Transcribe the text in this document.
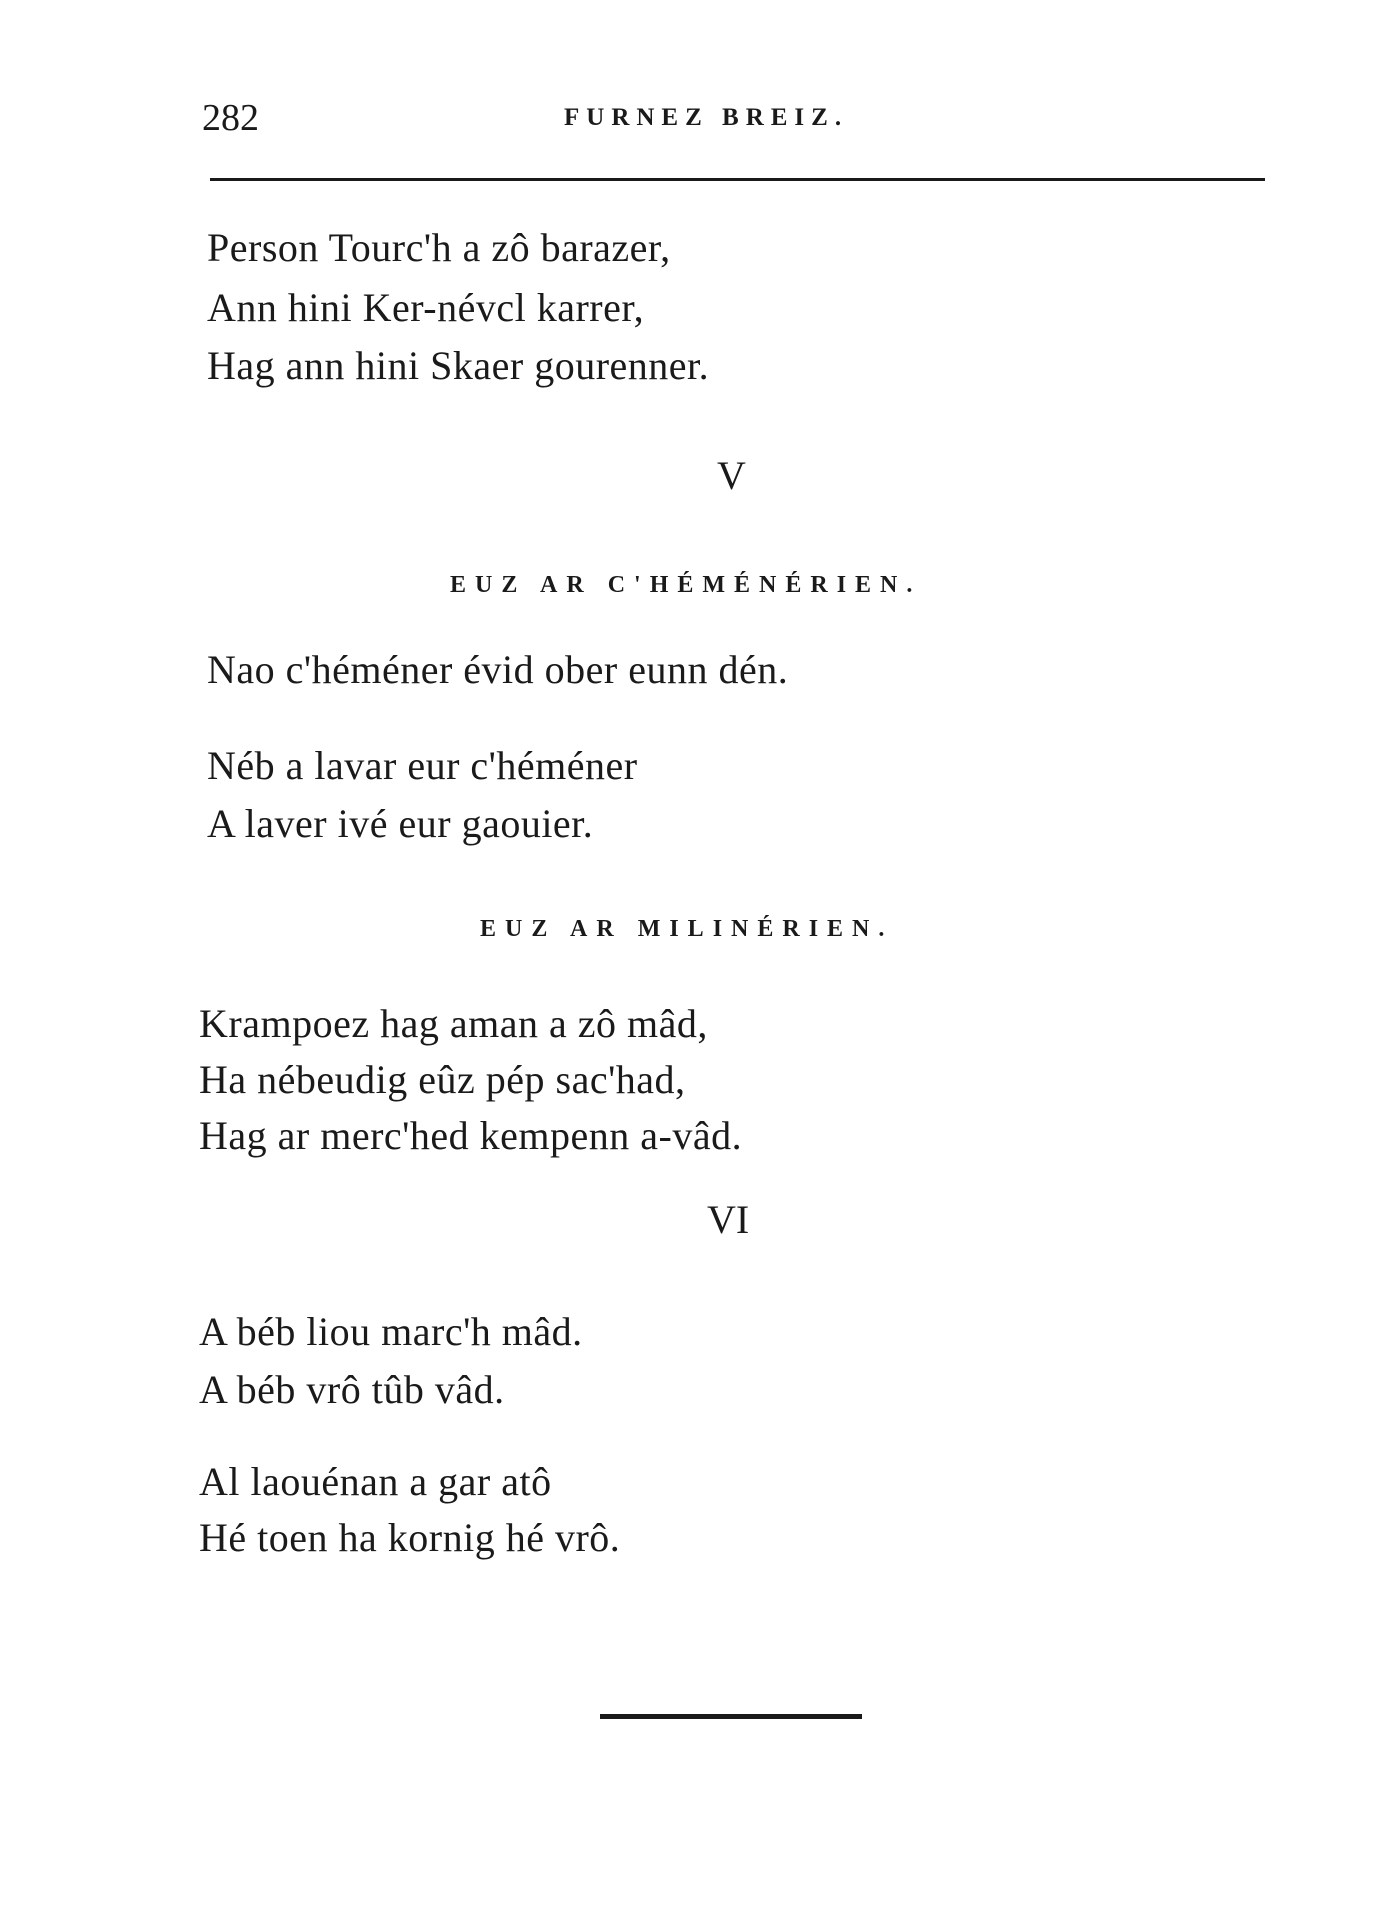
282	FURNEZ BREIZ.
Person Tourc'h a zô barazer,
Ann hini Ker-névcl karrer,
Hag ann hini Skaer gourenner.
V
EUZ AR C'HÉMÉNÉRIEN.
Nao c'héméner évid ober eunn dén.
Néb a lavar eur c'héméner
A laver ivé eur gaouier.
EUZ AR MILINÉRIEN.
Krampoez hag aman a zô mâd,
Ha nébeudig eûz pép sac'had,
Hag ar merc'hed kempenn a-vâd.
VI
A béb liou marc'h mâd.
A béb vrô tûb vâd.
Al laouénan a gar atô
Hé toen ha kornig hé vrô.
